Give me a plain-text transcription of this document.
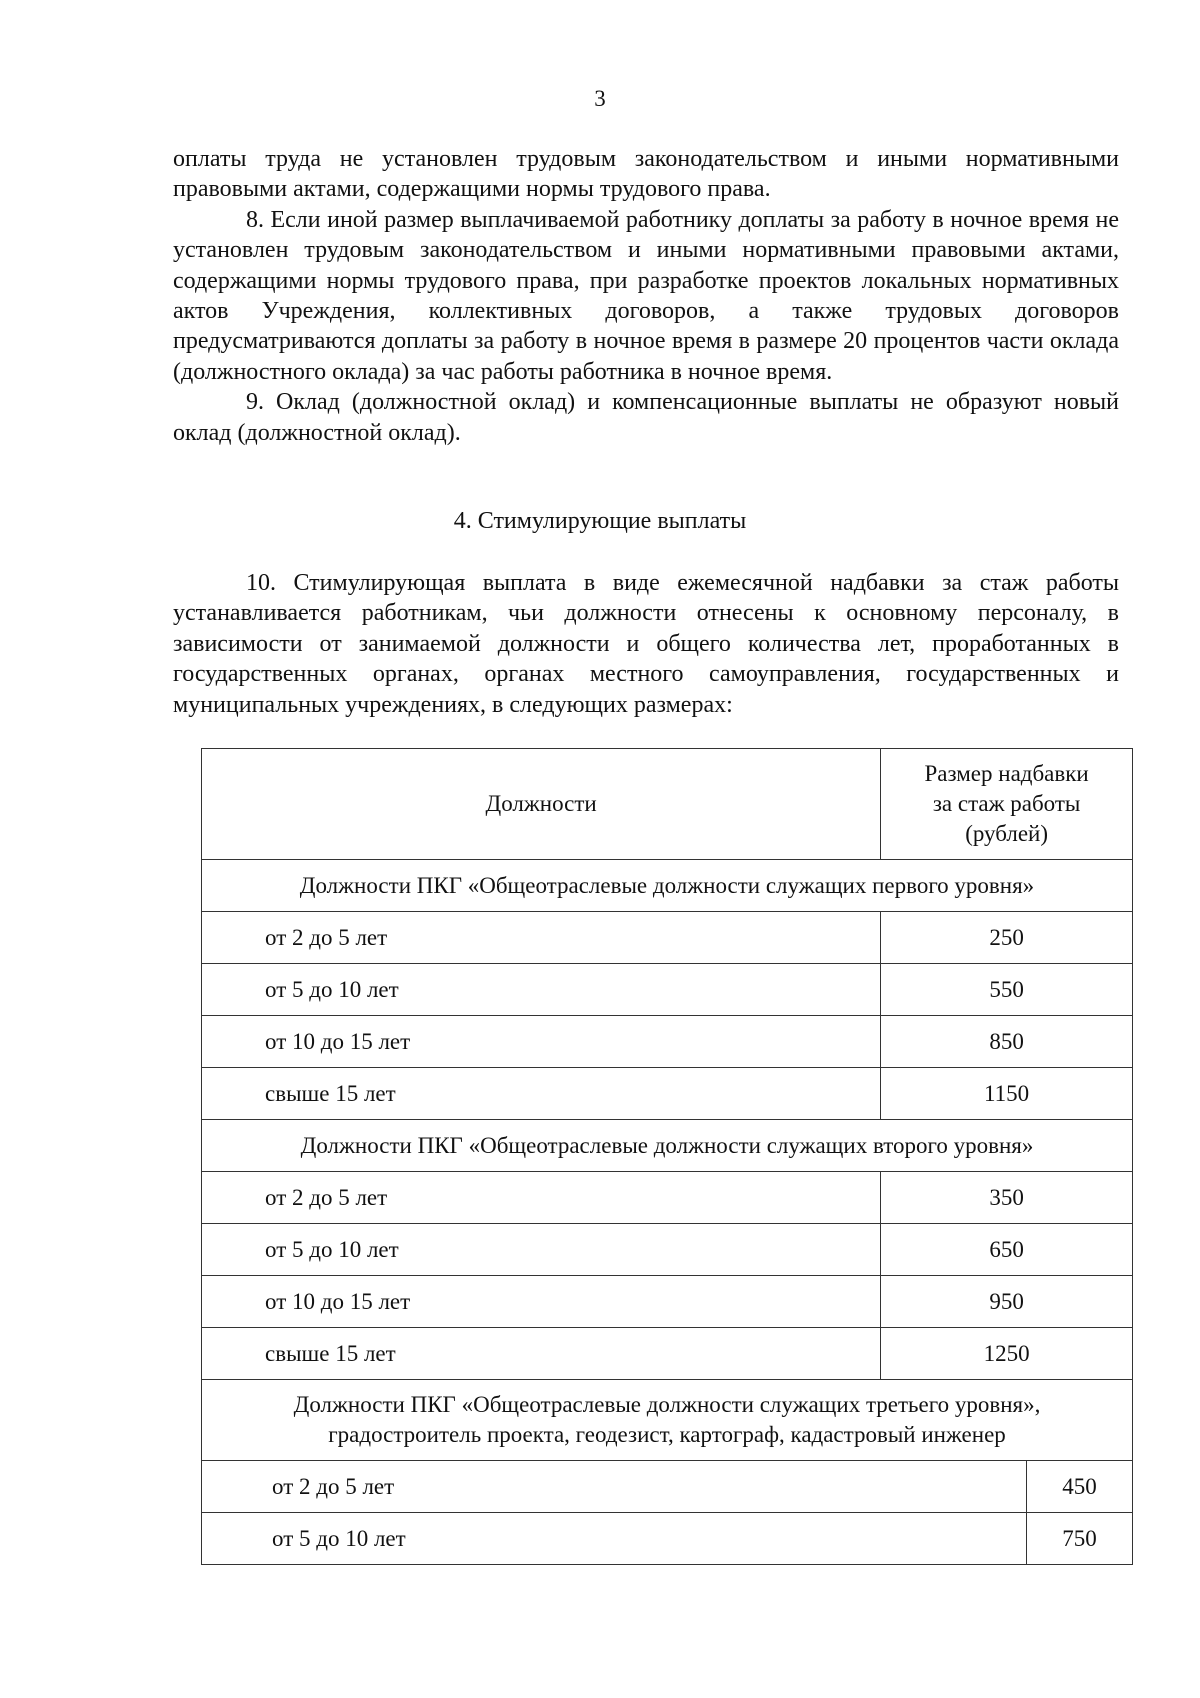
3

оплаты труда не установлен трудовым законодательством и иными нормативными правовыми актами, содержащими нормы трудового права.

8. Если иной размер выплачиваемой работнику доплаты за работу в ночное время не установлен трудовым законодательством и иными нормативными правовыми актами, содержащими нормы трудового права, при разработке проектов локальных нормативных актов Учреждения, коллективных договоров, а также трудовых договоров предусматриваются доплаты за работу в ночное время в размере 20 процентов части оклада (должностного оклада) за час работы работника в ночное время.

9. Оклад (должностной оклад) и компенсационные выплаты не образуют новый оклад (должностной оклад).

4. Стимулирующие выплаты

10. Стимулирующая выплата в виде ежемесячной надбавки за стаж работы устанавливается работникам, чьи должности отнесены к основному персоналу, в зависимости от занимаемой должности и общего количества лет, проработанных в государственных органах, органах местного самоуправления, государственных и муниципальных учреждениях, в следующих размерах:

Должности	Размер надбавки
за стаж работы
(рублей)	

Должности ПКГ «Общеотраслевые должности служащих первого уровня»		
от 2 до 5 лет	250	
от 5 до 10 лет	550	
от 10 до 15 лет	850	
свыше 15 лет	1150	
Должности ПКГ «Общеотраслевые должности служащих второго уровня»		
от 2 до 5 лет	350	
от 5 до 10 лет	650	
от 10 до 15 лет	950	
свыше 15 лет	1250	

Должности ПКГ «Общеотраслевые должности служащих третьего уровня»,
градостроитель проекта, геодезист, картограф, кадастровый инженер		

от 2 до 5 лет		450
от 5 до 10 лет		750
